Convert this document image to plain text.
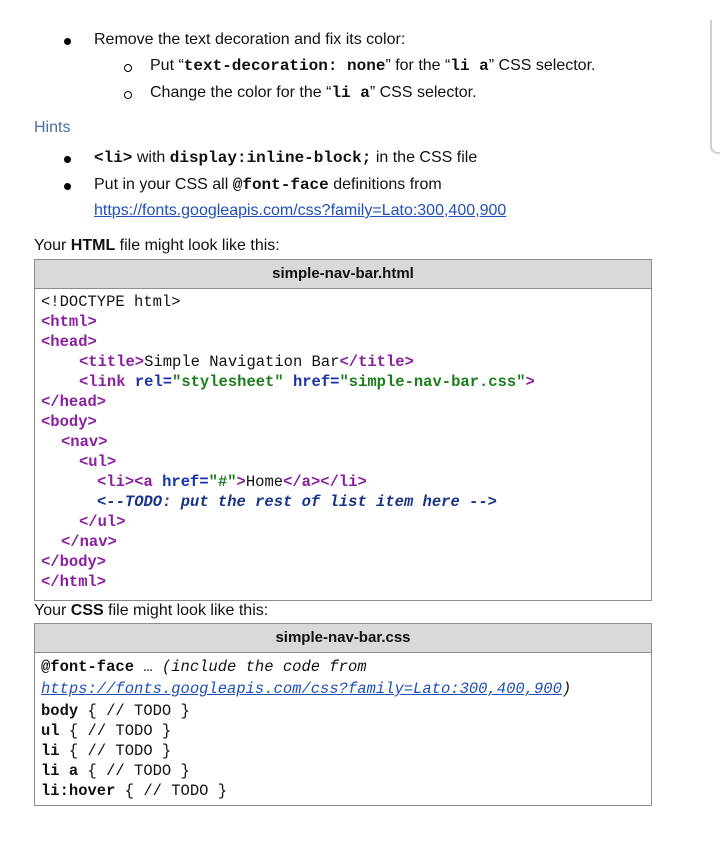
Remove the text decoration and fix its color:
Put “text-decoration: none” for the “li a” CSS selector.
Change the color for the “li a” CSS selector.
Hints
<li> with display:inline-block; in the CSS file
Put in your CSS all @font-face definitions from
https://fonts.googleapis.com/css?family=Lato:300,400,900
Your HTML file might look like this:
simple-nav-bar.html
<!DOCTYPE html>
<html>
<head>
<title>Simple Navigation Bar</title>
<link rel="stylesheet" href="simple-nav-bar.css">
</head>
<body>
<nav>
<ul>
<li><a href="#">Home</a></li>
<--TODO: put the rest of list item here -->
</ul>
</nav>
</body>
</html>
Your CSS file might look like this:
simple-nav-bar.css
@font-face … (include the code from
https://fonts.googleapis.com/css?family=Lato:300,400,900)
body { // TODO }
ul { // TODO }
li { // TODO }
li a { // TODO }
li:hover { // TODO }
